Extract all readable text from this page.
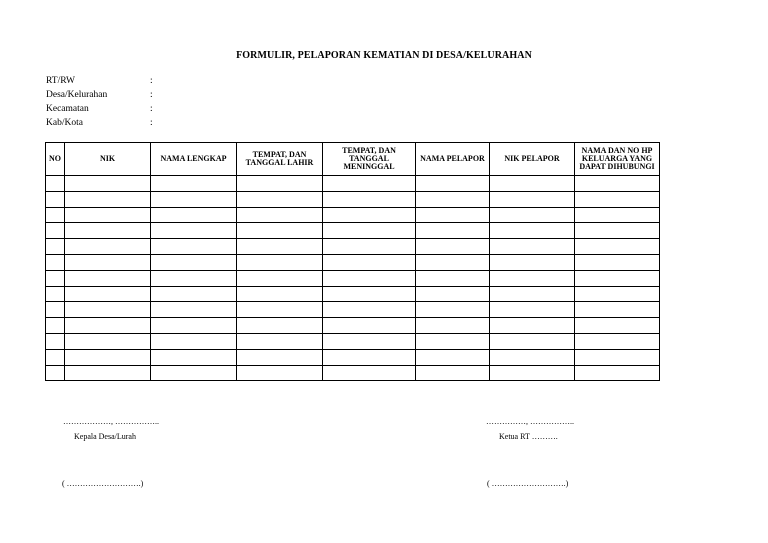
FORMULIR, PELAPORAN KEMATIAN DI DESA/KELURAHAN
RT/RW	:
Desa/Kelurahan	:
Kecamatan	:
Kab/Kota	:
NO	NIK	NAMA LENGKAP	TEMPAT, DAN TANGGAL LAHIR	TEMPAT, DAN TANGGAL MENINGGAL	NAMA PELAPOR	NIK PELAPOR	NAMA DAN NO HP KELUARGA YANG DAPAT DIHUBUNGI

………………, ……………..
Kepala Desa/Lurah
( ……………………….)
……………, ……………..
Ketua RT ……….
( ……………………….)
